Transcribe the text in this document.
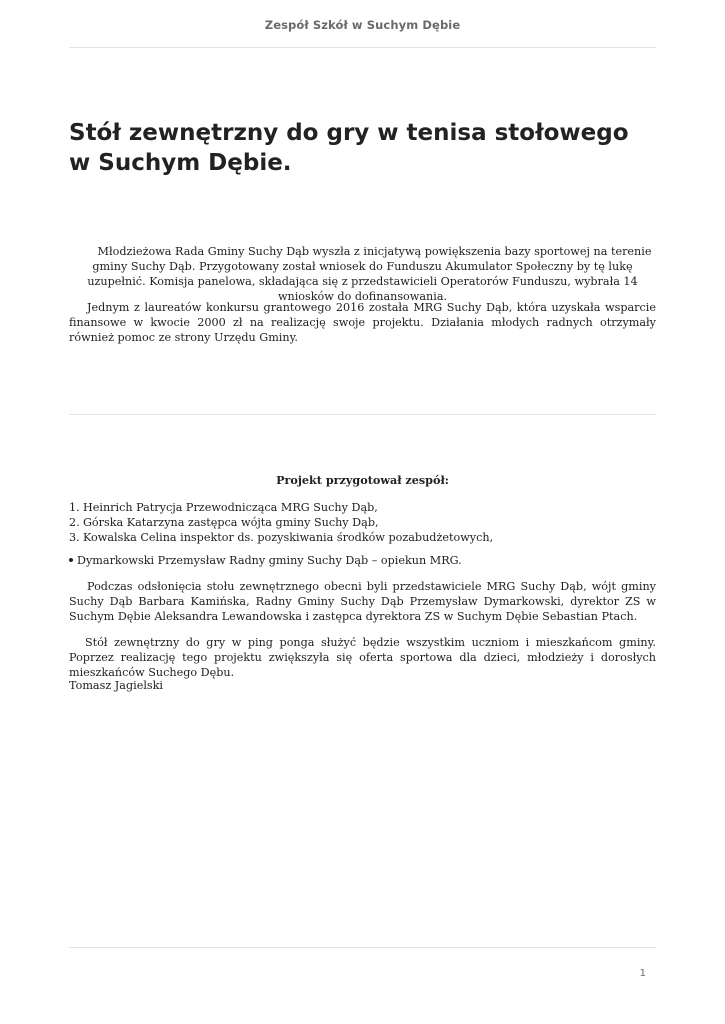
Zespół Szkół w Suchym Dębie
Stół zewnętrzny do gry w tenisa stołowego w Suchym Dębie.

Młodzieżowa Rada Gminy Suchy Dąb wyszła z inicjatywą powiększenia bazy sportowej na terenie gminy Suchy Dąb. Przygotowany został wniosek do Funduszu Akumulator Społeczny by tę lukę uzupełnić. Komisja panelowa, składająca się z przedstawicieli Operatorów Funduszu, wybrała 14 wniosków do dofinansowania.

Jednym z laureatów konkursu grantowego 2016 została MRG Suchy Dąb, która uzyskała wsparcie finansowe w kwocie 2000 zł na realizację swoje projektu. Działania młodych radnych otrzymały również pomoc ze strony Urzędu Gminy.

Projekt przygotował zespół:
1. Heinrich Patrycja Przewodnicząca MRG Suchy Dąb,
2. Górska Katarzyna zastępca wójta gminy Suchy Dąb,
3. Kowalska Celina inspektor ds. pozyskiwania środków pozabudżetowych,
Dymarkowski Przemysław Radny gminy Suchy Dąb – opiekun MRG.

Podczas odsłonięcia stołu zewnętrznego obecni byli przedstawiciele MRG Suchy Dąb, wójt gminy Suchy Dąb Barbara Kamińska, Radny Gminy Suchy Dąb Przemysław Dymarkowski, dyrektor ZS w Suchym Dębie Aleksandra Lewandowska i zastępca dyrektora ZS w Suchym Dębie Sebastian Ptach.

Stół zewnętrzny do gry w ping ponga służyć będzie wszystkim uczniom i mieszkańcom gminy. Poprzez realizację tego projektu zwiększyła się oferta sportowa dla dzieci, młodzieży i dorosłych mieszkańców Suchego Dębu.

Tomasz Jagielski
1
